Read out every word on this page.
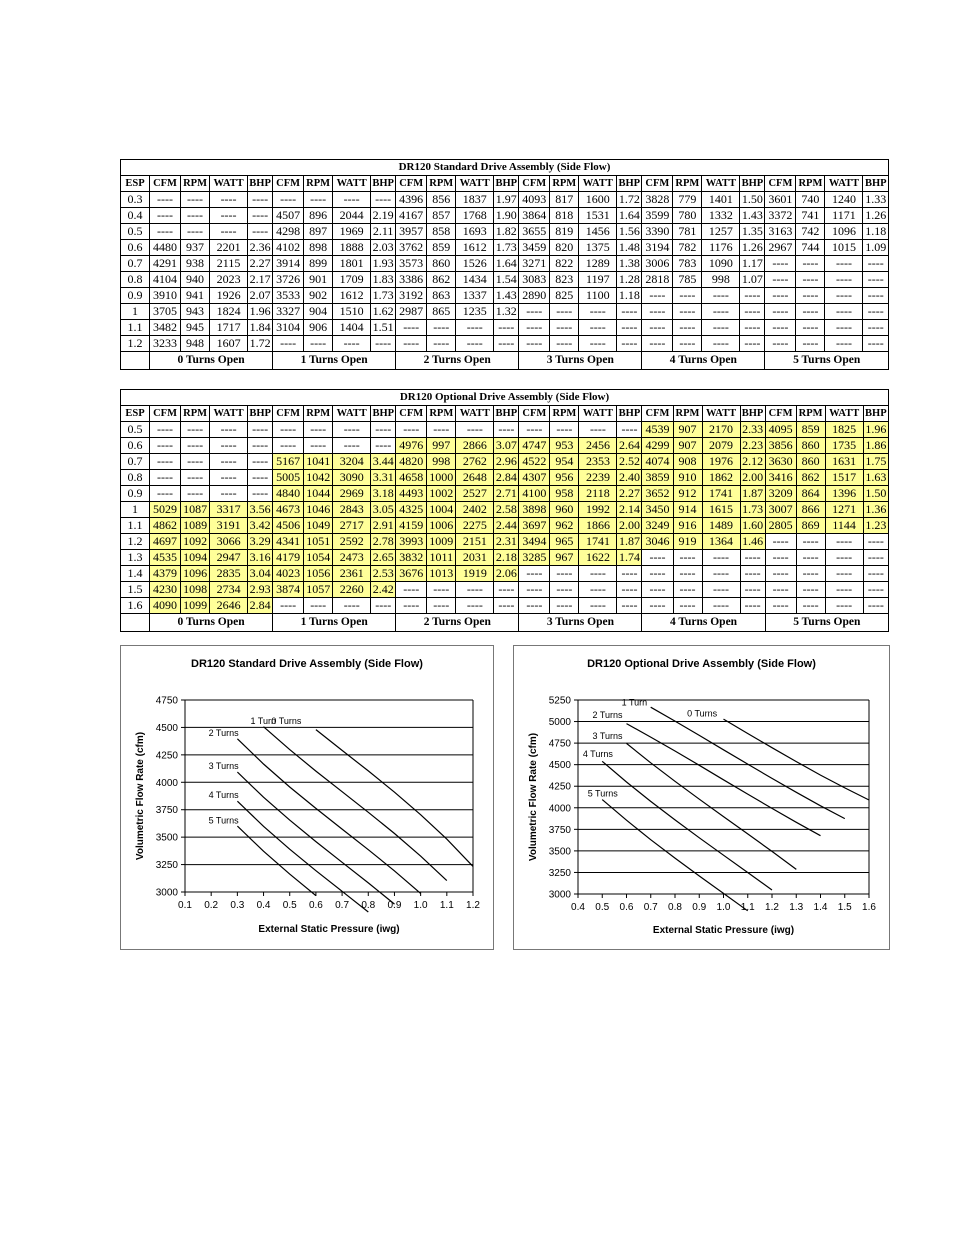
DR120 Standard Drive Assembly (Side Flow)																								
ESP	CFM	RPM	WATT	BHP	CFM	RPM	WATT	BHP	CFM	RPM	WATT	BHP	CFM	RPM	WATT	BHP	CFM	RPM	WATT	BHP	CFM	RPM	WATT	BHP
0.3	----	----	----	----	----	----	----	----	4396	856	1837	1.97	4093	817	1600	1.72	3828	779	1401	1.50	3601	740	1240	1.33
0.4	----	----	----	----	4507	896	2044	2.19	4167	857	1768	1.90	3864	818	1531	1.64	3599	780	1332	1.43	3372	741	1171	1.26
0.5	----	----	----	----	4298	897	1969	2.11	3957	858	1693	1.82	3655	819	1456	1.56	3390	781	1257	1.35	3163	742	1096	1.18
0.6	4480	937	2201	2.36	4102	898	1888	2.03	3762	859	1612	1.73	3459	820	1375	1.48	3194	782	1176	1.26	2967	744	1015	1.09
0.7	4291	938	2115	2.27	3914	899	1801	1.93	3573	860	1526	1.64	3271	822	1289	1.38	3006	783	1090	1.17	----	----	----	----
0.8	4104	940	2023	2.17	3726	901	1709	1.83	3386	862	1434	1.54	3083	823	1197	1.28	2818	785	998	1.07	----	----	----	----
0.9	3910	941	1926	2.07	3533	902	1612	1.73	3192	863	1337	1.43	2890	825	1100	1.18	----	----	----	----	----	----	----	----
1	3705	943	1824	1.96	3327	904	1510	1.62	2987	865	1235	1.32	----	----	----	----	----	----	----	----	----	----	----	----
1.1	3482	945	1717	1.84	3104	906	1404	1.51	----	----	----	----	----	----	----	----	----	----	----	----	----	----	----	----
1.2	3233	948	1607	1.72	----	----	----	----	----	----	----	----	----	----	----	----	----	----	----	----	----	----	----	----
	0 Turns Open				1 Turns Open				2 Turns Open				3 Turns Open				4 Turns Open				5 Turns Open			
DR120 Optional Drive Assembly (Side Flow)																								
ESP	CFM	RPM	WATT	BHP	CFM	RPM	WATT	BHP	CFM	RPM	WATT	BHP	CFM	RPM	WATT	BHP	CFM	RPM	WATT	BHP	CFM	RPM	WATT	BHP
0.5	----	----	----	----	----	----	----	----	----	----	----	----	----	----	----	----	4539	907	2170	2.33	4095	859	1825	1.96
0.6	----	----	----	----	----	----	----	----	4976	997	2866	3.07	4747	953	2456	2.64	4299	907	2079	2.23	3856	860	1735	1.86
0.7	----	----	----	----	5167	1041	3204	3.44	4820	998	2762	2.96	4522	954	2353	2.52	4074	908	1976	2.12	3630	860	1631	1.75
0.8	----	----	----	----	5005	1042	3090	3.31	4658	1000	2648	2.84	4307	956	2239	2.40	3859	910	1862	2.00	3416	862	1517	1.63
0.9	----	----	----	----	4840	1044	2969	3.18	4493	1002	2527	2.71	4100	958	2118	2.27	3652	912	1741	1.87	3209	864	1396	1.50
1	5029	1087	3317	3.56	4673	1046	2843	3.05	4325	1004	2402	2.58	3898	960	1992	2.14	3450	914	1615	1.73	3007	866	1271	1.36
1.1	4862	1089	3191	3.42	4506	1049	2717	2.91	4159	1006	2275	2.44	3697	962	1866	2.00	3249	916	1489	1.60	2805	869	1144	1.23
1.2	4697	1092	3066	3.29	4341	1051	2592	2.78	3993	1009	2151	2.31	3494	965	1741	1.87	3046	919	1364	1.46	----	----	----	----
1.3	4535	1094	2947	3.16	4179	1054	2473	2.65	3832	1011	2031	2.18	3285	967	1622	1.74	----	----	----	----	----	----	----	----
1.4	4379	1096	2835	3.04	4023	1056	2361	2.53	3676	1013	1919	2.06	----	----	----	----	----	----	----	----	----	----	----	----
1.5	4230	1098	2734	2.93	3874	1057	2260	2.42	----	----	----	----	----	----	----	----	----	----	----	----	----	----	----	----
1.6	4090	1099	2646	2.84	----	----	----	----	----	----	----	----	----	----	----	----	----	----	----	----	----	----	----	----
	0 Turns Open				1 Turns Open				2 Turns Open				3 Turns Open				4 Turns Open				5 Turns Open			
DR120 Standard Drive Assembly (Side Flow)
3000
3250
3500
3750
4000
4250
4500
4750
0.1 0.2 0.3 0.4 0.5 0.6 0.7 0.8 0.9 1.0 1.1 1.2
External Static Pressure (iwg)
Volumetric Flow Rate (cfm)
0 Turns
1 Turn
2 Turns
3 Turns
4 Turns
5 Turns
DR120 Optional Drive Assembly (Side Flow)
3000
3250
3500
3750
4000
4250
4500
4750
5000
5250
0.4 0.5 0.6 0.7 0.8 0.9 1.0 1.1 1.2 1.3 1.4 1.5 1.6
External Static Pressure (iwg)
Volumetric Flow Rate (cfm)
0 Turns
1 Turn
2 Turns
3 Turns
4 Turns
5 Turns
